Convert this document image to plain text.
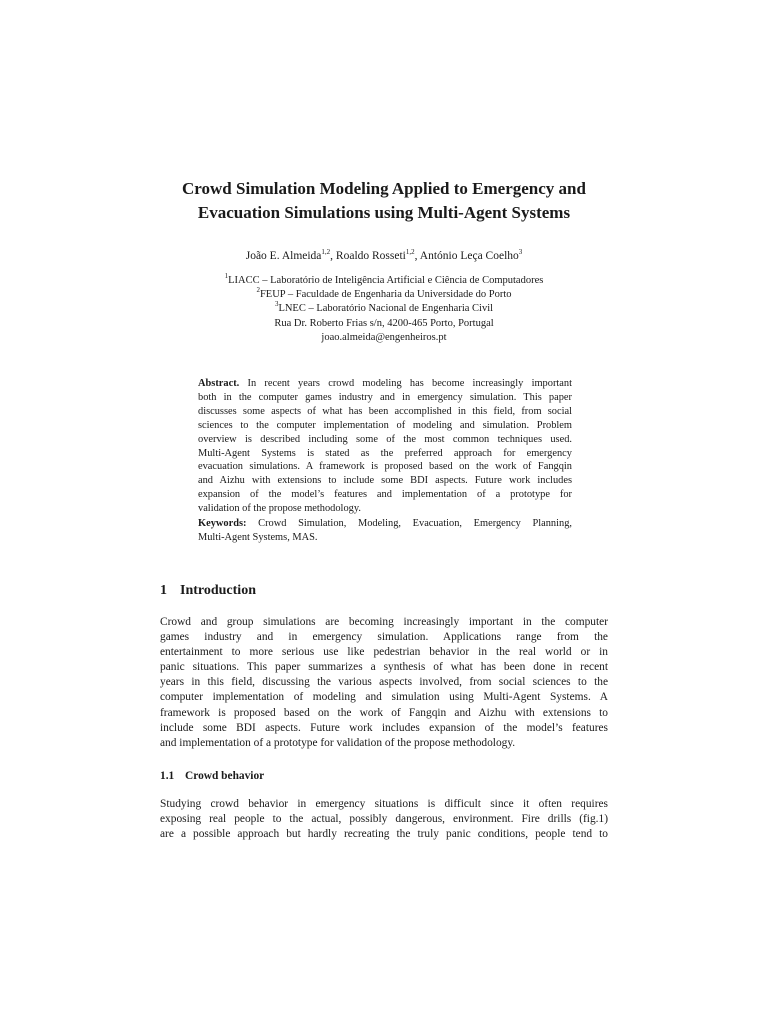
Crowd Simulation Modeling Applied to Emergency and
Evacuation Simulations using Multi-Agent Systems
João E. Almeida$^{1,2}$, Roaldo Rosseti$^{1,2}$, António Leça Coelho$^3$
$^1$LIACC – Laboratório de Inteligência Artificial e Ciência de Computadores
$^2$FEUP – Faculdade de Engenharia da Universidade do Porto
$^3$LNEC – Laboratório Nacional de Engenharia Civil
Rua Dr. Roberto Frias s/n, 4200-465 Porto, Portugal
joao.almeida@engenheiros.pt
Abstract. In recent years crowd modeling has become increasingly important
both in the computer games industry and in emergency simulation. This paper
discusses some aspects of what has been accomplished in this field, from social
sciences to the computer implementation of modeling and simulation. Problem
overview is described including some of the most common techniques used.
Multi-Agent Systems is stated as the preferred approach for emergency
evacuation simulations. A framework is proposed based on the work of Fangqin
and Aizhu with extensions to include some BDI aspects. Future work includes
expansion of the model’s features and implementation of a prototype for
validation of the propose methodology.
Keywords: Crowd Simulation, Modeling, Evacuation, Emergency Planning,
Multi-Agent Systems, MAS.
1 Introduction
Crowd and group simulations are becoming increasingly important in the computer
games industry and in emergency simulation. Applications range from the
entertainment to more serious use like pedestrian behavior in the real world or in
panic situations. This paper summarizes a synthesis of what has been done in recent
years in this field, discussing the various aspects involved, from social sciences to the
computer implementation of modeling and simulation using Multi-Agent Systems. A
framework is proposed based on the work of Fangqin and Aizhu with extensions to
include some BDI aspects. Future work includes expansion of the model’s features
and implementation of a prototype for validation of the propose methodology.
1.1 Crowd behavior
Studying crowd behavior in emergency situations is difficult since it often requires
exposing real people to the actual, possibly dangerous, environment. Fire drills (fig.1)
are a possible approach but hardly recreating the truly panic conditions, people tend to
